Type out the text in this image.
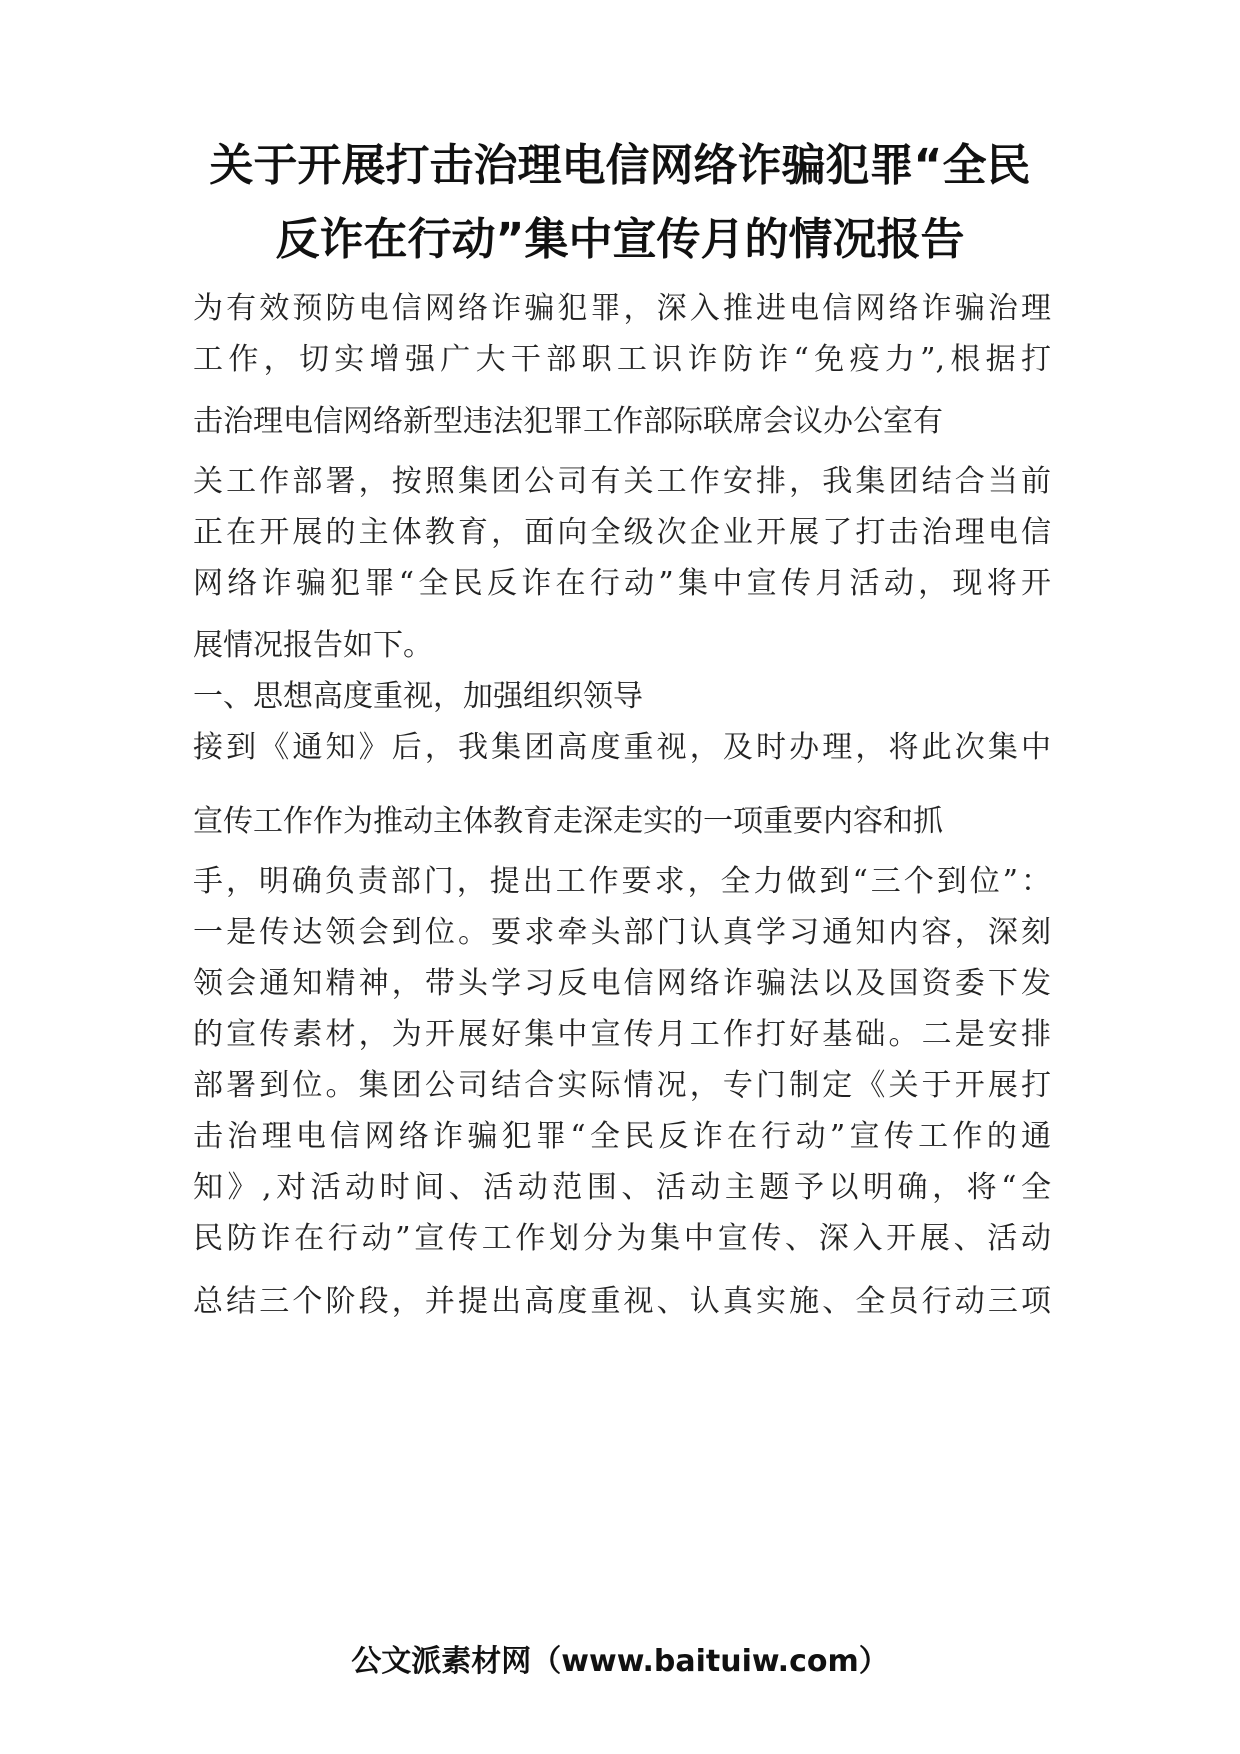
关于开展打击治理电信网络诈骗犯罪“全民
反诈在行动”集中宣传月的情况报告
为有效预防电信网络诈骗犯罪，深入推进电信网络诈骗治理
工作，切实增强广大干部职工识诈防诈“免疫力”,根据打
击治理电信网络新型违法犯罪工作部际联席会议办公室有
关工作部署，按照集团公司有关工作安排，我集团结合当前
正在开展的主体教育，面向全级次企业开展了打击治理电信
网络诈骗犯罪“全民反诈在行动”集中宣传月活动，现将开
展情况报告如下。
一、思想高度重视，加强组织领导
接到《通知》后，我集团高度重视，及时办理，将此次集中
宣传工作作为推动主体教育走深走实的一项重要内容和抓
手，明确负责部门，提出工作要求，全力做到“三个到位”：
一是传达领会到位。要求牵头部门认真学习通知内容，深刻
领会通知精神，带头学习反电信网络诈骗法以及国资委下发
的宣传素材，为开展好集中宣传月工作打好基础。二是安排
部署到位。集团公司结合实际情况，专门制定《关于开展打
击治理电信网络诈骗犯罪“全民反诈在行动”宣传工作的通
知》,对活动时间、活动范围、活动主题予以明确，将“全
民防诈在行动”宣传工作划分为集中宣传、深入开展、活动
总结三个阶段，并提出高度重视、认真实施、全员行动三项
公文派素材网（www.baituiw.com）
